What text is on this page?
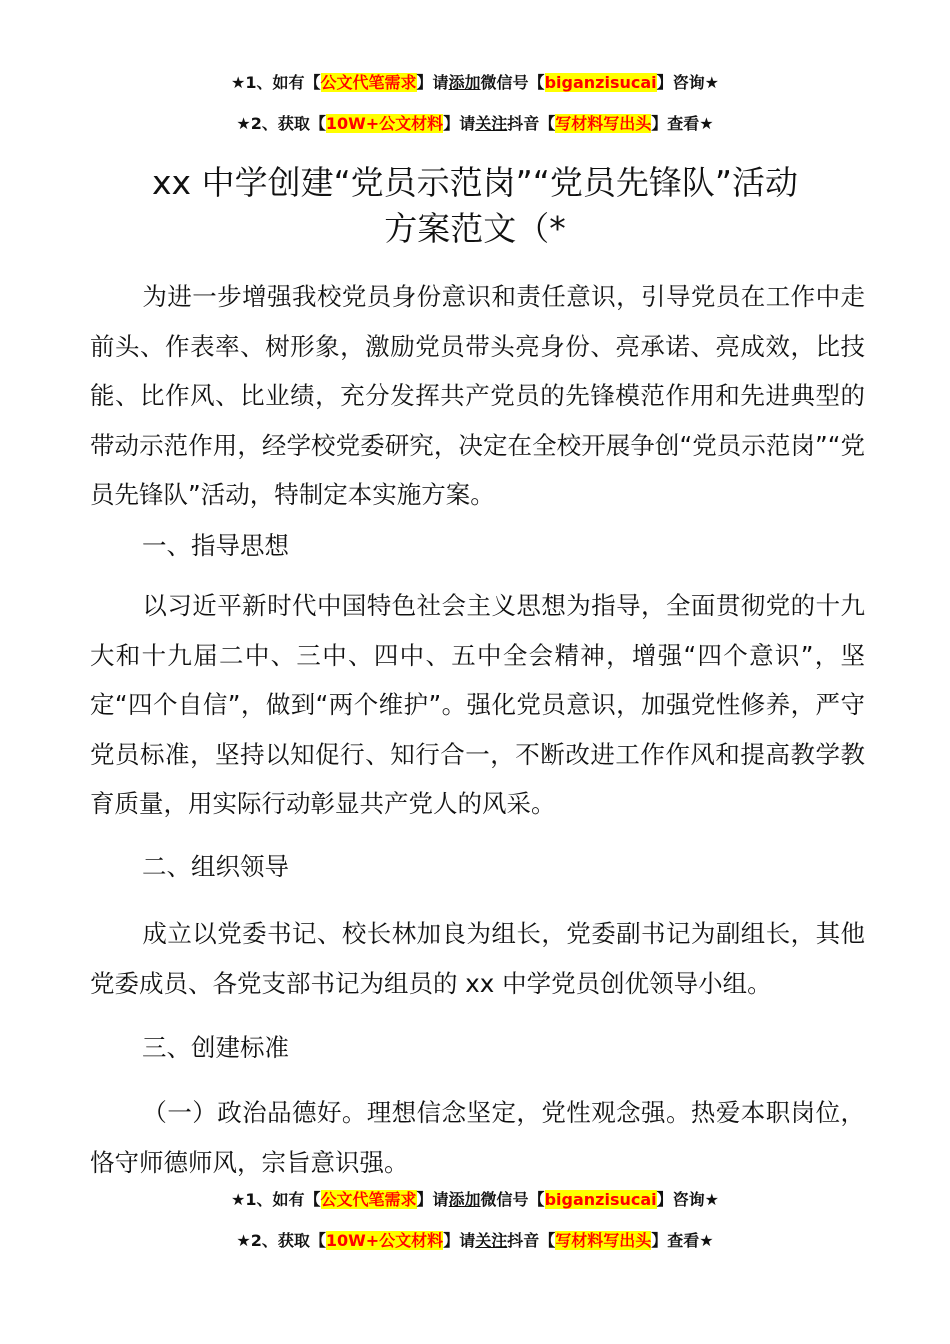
★1、如有【公文代笔需求】请添加微信号【biganzisucai】咨询★
★2、获取【10W+公文材料】请关注抖音【写材料写出头】查看★
xx 中学创建“党员示范岗”“党员先锋队”活动
方案范文（*
为进一步增强我校党员身份意识和责任意识，引导党员在工作中走前头、作表率、树形象，激励党员带头亮身份、亮承诺、亮成效，比技能、比作风、比业绩，充分发挥共产党员的先锋模范作用和先进典型的带动示范作用，经学校党委研究，决定在全校开展争创“党员示范岗”“党员先锋队”活动，特制定本实施方案。
一、指导思想
以习近平新时代中国特色社会主义思想为指导，全面贯彻党的十九大和十九届二中、三中、四中、五中全会精神，增强“四个意识”，坚定“四个自信”，做到“两个维护”。强化党员意识，加强党性修养，严守党员标准，坚持以知促行、知行合一，不断改进工作作风和提高教学教育质量，用实际行动彰显共产党人的风采。
二、组织领导
成立以党委书记、校长林加良为组长，党委副书记为副组长，其他党委成员、各党支部书记为组员的 xx 中学党员创优领导小组。
三、创建标准
（一）政治品德好。理想信念坚定，党性观念强。热爱本职岗位，恪守师德师风，宗旨意识强。
★1、如有【公文代笔需求】请添加微信号【biganzisucai】咨询★
★2、获取【10W+公文材料】请关注抖音【写材料写出头】查看★
